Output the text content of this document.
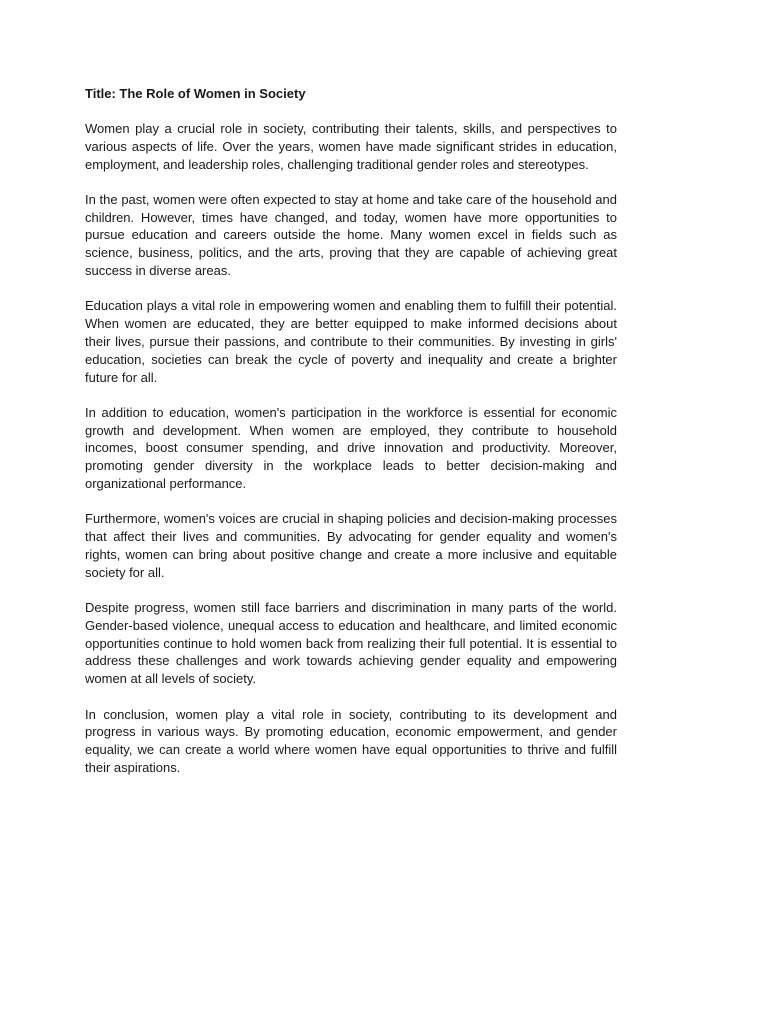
Title: The Role of Women in Society

Women play a crucial role in society, contributing their talents, skills, and perspectives to various aspects of life. Over the years, women have made significant strides in education, employment, and leadership roles, challenging traditional gender roles and stereotypes.

In the past, women were often expected to stay at home and take care of the household and children. However, times have changed, and today, women have more opportunities to pursue education and careers outside the home. Many women excel in fields such as science, business, politics, and the arts, proving that they are capable of achieving great success in diverse areas.

Education plays a vital role in empowering women and enabling them to fulfill their potential. When women are educated, they are better equipped to make informed decisions about their lives, pursue their passions, and contribute to their communities. By investing in girls' education, societies can break the cycle of poverty and inequality and create a brighter future for all.

In addition to education, women's participation in the workforce is essential for economic growth and development. When women are employed, they contribute to household incomes, boost consumer spending, and drive innovation and productivity. Moreover, promoting gender diversity in the workplace leads to better decision-making and organizational performance.

Furthermore, women's voices are crucial in shaping policies and decision-making processes that affect their lives and communities. By advocating for gender equality and women's rights, women can bring about positive change and create a more inclusive and equitable society for all.

Despite progress, women still face barriers and discrimination in many parts of the world. Gender-based violence, unequal access to education and healthcare, and limited economic opportunities continue to hold women back from realizing their full potential. It is essential to address these challenges and work towards achieving gender equality and empowering women at all levels of society.

In conclusion, women play a vital role in society, contributing to its development and progress in various ways. By promoting education, economic empowerment, and gender equality, we can create a world where women have equal opportunities to thrive and fulfill their aspirations.
